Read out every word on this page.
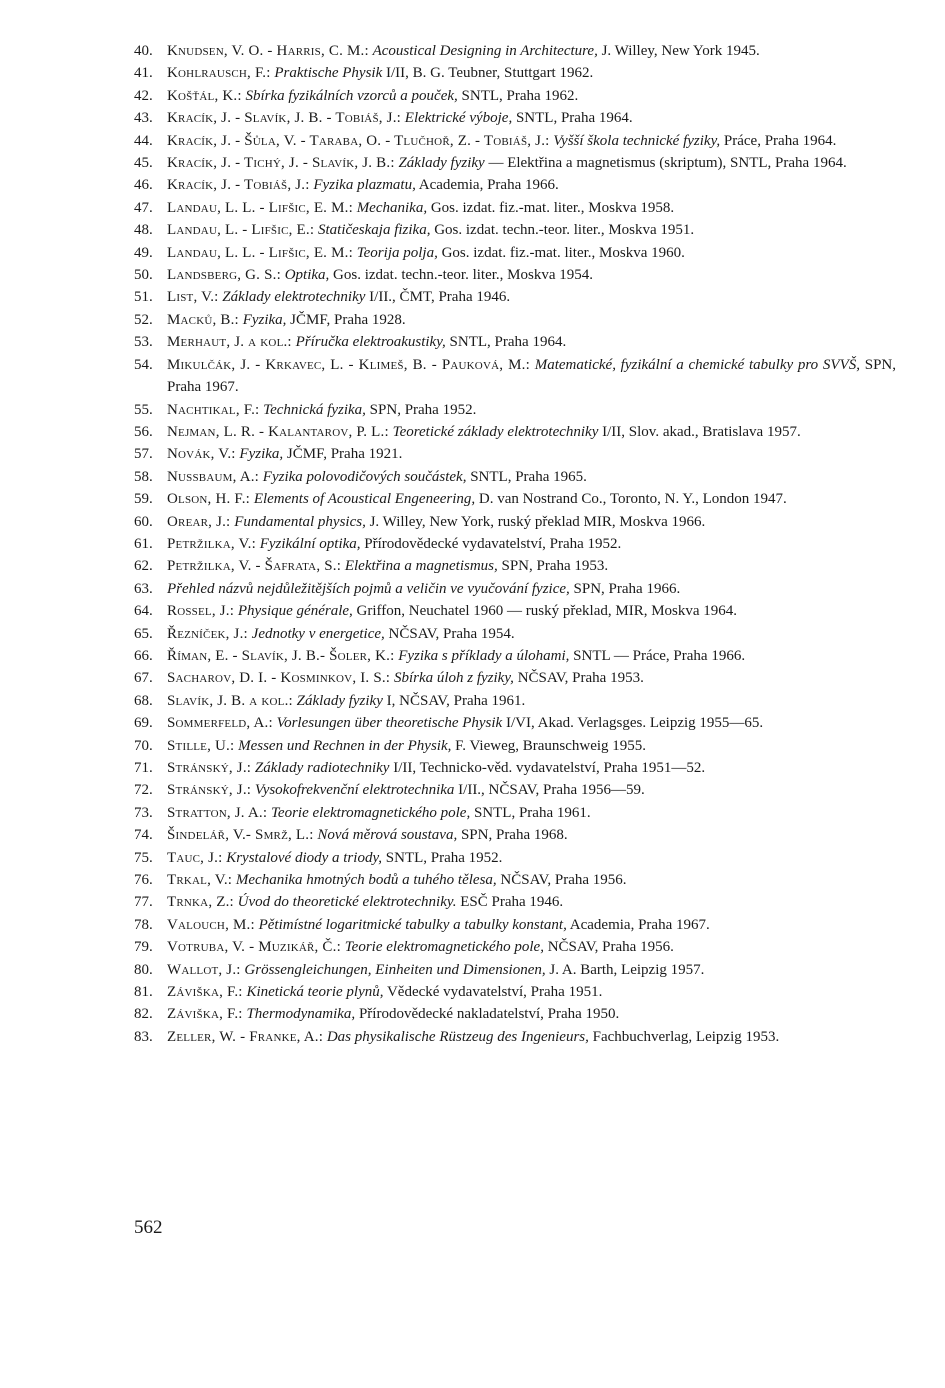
40. Knudsen, V. O. - Harris, C. M.: Acoustical Designing in Architecture, J. Willey, New York 1945.
41. Kohlrausch, F.: Praktische Physik I/II, B. G. Teubner, Stuttgart 1962.
42. Košťál, K.: Sbírka fyzikálních vzorců a pouček, SNTL, Praha 1962.
43. Kracík, J. - Slavík, J. B. - Tobiáš, J.: Elektrické výboje, SNTL, Praha 1964.
44. Kracík, J. - Šůla, V. - Taraba, O. - Tlučhoř, Z. - Tobiáš, J.: Vyšší škola technické fyziky, Práce, Praha 1964.
45. Kracík, J. - Tichý, J. - Slavík, J. B.: Základy fyziky — Elektřina a magnetismus (skriptum), SNTL, Praha 1964.
46. Kracík, J. - Tobiáš, J.: Fyzika plazmatu, Academia, Praha 1966.
47. Landau, L. L. - Lifšic, E. M.: Mechanika, Gos. izdat. fiz.-mat. liter., Moskva 1958.
48. Landau, L. - Lifšic, E.: Statičeskaja fizika, Gos. izdat. techn.-teor. liter., Moskva 1951.
49. Landau, L. L. - Lifšic, E. M.: Teorija polja, Gos. izdat. fiz.-mat. liter., Moskva 1960.
50. Landsberg, G. S.: Optika, Gos. izdat. techn.-teor. liter., Moskva 1954.
51. List, V.: Základy elektrotechniky I/II., ČMT, Praha 1946.
52. Macků, B.: Fyzika, JČMF, Praha 1928.
53. Merhaut, J. a kol.: Příručka elektroakustiky, SNTL, Praha 1964.
54. Mikulčák, J. - Krkavec, L. - Klimeš, B. - Pauková, M.: Matematické, fyzikální a chemické tabulky pro SVVŠ, SPN, Praha 1967.
55. Nachtikal, F.: Technická fyzika, SPN, Praha 1952.
56. Nejman, L. R. - Kalantarov, P. L.: Teoretické základy elektrotechniky I/II, Slov. akad., Bratislava 1957.
57. Novák, V.: Fyzika, JČMF, Praha 1921.
58. Nussbaum, A.: Fyzika polovodičových součástek, SNTL, Praha 1965.
59. Olson, H. F.: Elements of Acoustical Engeneering, D. van Nostrand Co., Toronto, N. Y., London 1947.
60. Orear, J.: Fundamental physics, J. Willey, New York, ruský překlad MIR, Moskva 1966.
61. Petržilka, V.: Fyzikální optika, Přírodovědecké vydavatelství, Praha 1952.
62. Petržilka, V. - Šafrata, S.: Elektřina a magnetismus, SPN, Praha 1953.
63. Přehled názvů nejdůležitějších pojmů a veličin ve vyučování fyzice, SPN, Praha 1966.
64. Rossel, J.: Physique générale, Griffon, Neuchatel 1960 — ruský překlad, MIR, Moskva 1964.
65. Řezníček, J.: Jednotky v energetice, NČSAV, Praha 1954.
66. Říman, E. - Slavík, J. B.- Šoler, K.: Fyzika s příklady a úlohami, SNTL — Práce, Praha 1966.
67. Sacharov, D. I. - Kosminkov, I. S.: Sbírka úloh z fyziky, NČSAV, Praha 1953.
68. Slavík, J. B. a kol.: Základy fyziky I, NČSAV, Praha 1961.
69. Sommerfeld, A.: Vorlesungen über theoretische Physik I/VI, Akad. Verlagsges. Leipzig 1955—65.
70. Stille, U.: Messen und Rechnen in der Physik, F. Vieweg, Braunschweig 1955.
71. Stránský, J.: Základy radiotechniky I/II, Technicko-věd. vydavatelství, Praha 1951—52.
72. Stránský, J.: Vysokofrekvenční elektrotechnika I/II., NČSAV, Praha 1956—59.
73. Stratton, J. A.: Teorie elektromagnetického pole, SNTL, Praha 1961.
74. Šindelář, V.- Smrž, L.: Nová měrová soustava, SPN, Praha 1968.
75. Tauc, J.: Krystalové diody a triody, SNTL, Praha 1952.
76. Trkal, V.: Mechanika hmotných bodů a tuhého tělesa, NČSAV, Praha 1956.
77. Trnka, Z.: Úvod do theoretické elektrotechniky. ESČ Praha 1946.
78. Valouch, M.: Pětimístné logaritmické tabulky a tabulky konstant, Academia, Praha 1967.
79. Votruba, V. - Muzikář, Č.: Teorie elektromagnetického pole, NČSAV, Praha 1956.
80. Wallot, J.: Grössengleichungen, Einheiten und Dimensionen, J. A. Barth, Leipzig 1957.
81. Záviška, F.: Kinetická teorie plynů, Vědecké vydavatelství, Praha 1951.
82. Záviška, F.: Thermodynamika, Přírodovědecké nakladatelství, Praha 1950.
83. Zeller, W. - Franke, A.: Das physikalische Rüstzeug des Ingenieurs, Fachbuchverlag, Leipzig 1953.
562
